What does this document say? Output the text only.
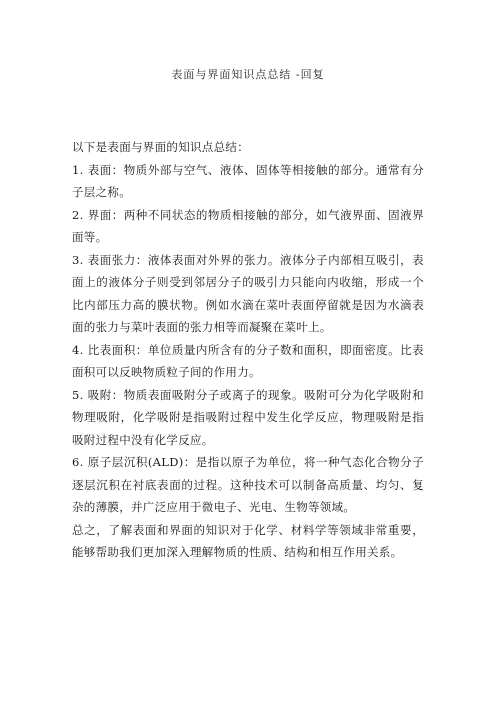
表面与界面知识点总结 -回复

以下是表面与界面的知识点总结：

1. 表面：物质外部与空气、液体、固体等相接触的部分。通常有分子层之称。

2. 界面：两种不同状态的物质相接触的部分，如气液界面、固液界面等。

3. 表面张力：液体表面对外界的张力。液体分子内部相互吸引，表面上的液体分子则受到邻居分子的吸引力只能向内收缩，形成一个比内部压力高的膜状物。例如水滴在菜叶表面停留就是因为水滴表面的张力与菜叶表面的张力相等而凝聚在菜叶上。

4. 比表面积：单位质量内所含有的分子数和面积，即面密度。比表面积可以反映物质粒子间的作用力。

5. 吸附：物质表面吸附分子或离子的现象。吸附可分为化学吸附和物理吸附，化学吸附是指吸附过程中发生化学反应，物理吸附是指吸附过程中没有化学反应。

6. 原子层沉积(ALD)：是指以原子为单位，将一种气态化合物分子逐层沉积在衬底表面的过程。这种技术可以制备高质量、均匀、复杂的薄膜，并广泛应用于微电子、光电、生物等领域。

总之，了解表面和界面的知识对于化学、材料学等领域非常重要，能够帮助我们更加深入理解物质的性质、结构和相互作用关系。
